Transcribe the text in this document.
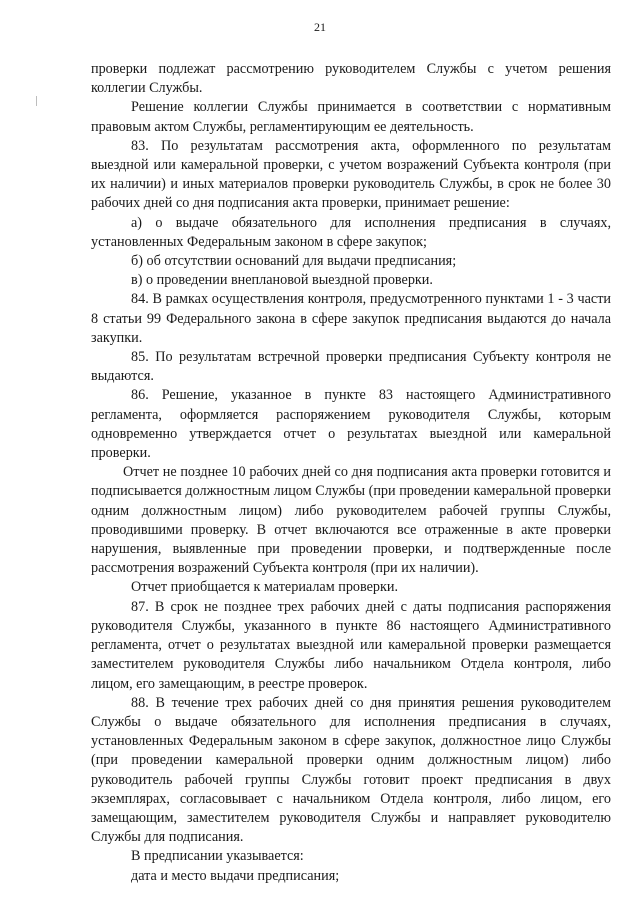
21

проверки подлежат рассмотрению руководителем Службы с учетом решения коллегии Службы.

Решение коллегии Службы принимается в соответствии с нормативным правовым актом Службы, регламентирующим ее деятельность.

83. По результатам рассмотрения акта, оформленного по результатам выездной или камеральной проверки, с учетом возражений Субъекта контроля (при их наличии) и иных материалов проверки руководитель Службы, в срок не более 30 рабочих дней со дня подписания акта проверки, принимает решение:

а) о выдаче обязательного для исполнения предписания в случаях, установленных Федеральным законом в сфере закупок;

б) об отсутствии оснований для выдачи предписания;

в) о проведении внеплановой выездной проверки.

84. В рамках осуществления контроля, предусмотренного пунктами 1 - 3 части 8 статьи 99 Федерального закона в сфере закупок предписания выдаются до начала закупки.

85. По результатам встречной проверки предписания Субъекту контроля не выдаются.

86. Решение, указанное в пункте 83 настоящего Административного регламента, оформляется распоряжением руководителя Службы, которым одновременно утверждается отчет о результатах выездной или камеральной проверки.

Отчет не позднее 10 рабочих дней со дня подписания акта проверки готовится и подписывается должностным лицом Службы (при проведении камеральной проверки одним должностным лицом) либо руководителем рабочей группы Службы, проводившими проверку. В отчет включаются все отраженные в акте проверки нарушения, выявленные при проведении проверки, и подтвержденные после рассмотрения возражений Субъекта контроля (при их наличии).

Отчет приобщается к материалам проверки.

87. В срок не позднее трех рабочих дней с даты подписания распоряжения руководителя Службы, указанного в пункте 86 настоящего Административного регламента, отчет о результатах выездной или камеральной проверки размещается заместителем руководителя Службы либо начальником Отдела контроля, либо лицом, его замещающим, в реестре проверок.

88. В течение трех рабочих дней со дня принятия решения руководителем Службы о выдаче обязательного для исполнения предписания в случаях, установленных Федеральным законом в сфере закупок, должностное лицо Службы (при проведении камеральной проверки одним должностным лицом) либо руководитель рабочей группы Службы готовит проект предписания в двух экземплярах, согласовывает с начальником Отдела контроля, либо лицом, его замещающим, заместителем руководителя Службы и направляет руководителю Службы для подписания.

В предписании указывается:

дата и место выдачи предписания;
